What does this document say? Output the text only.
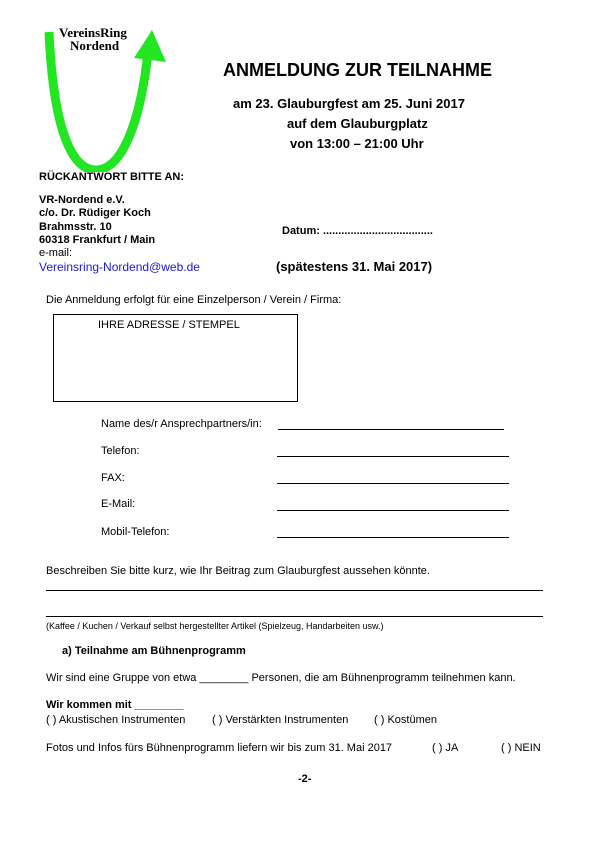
VereinsRing
Nordend
ANMELDUNG ZUR TEILNAHME
am 23. Glauburgfest am 25. Juni 2017
auf dem Glauburgplatz
von 13:00 – 21:00 Uhr
RÜCKANTWORT BITTE AN:
VR-Nordend e.V.
c/o. Dr. Rüdiger Koch
Brahmsstr. 10
60318 Frankfurt / Main
e-mail:
Vereinsring-Nordend@web.de
Datum: ....................................
(spätestens 31. Mai 2017)
Die Anmeldung erfolgt für eine Einzelperson / Verein / Firma:
IHRE ADRESSE / STEMPEL
Name des/r Ansprechpartners/in:
Telefon:
FAX:
E-Mail:
Mobil-Telefon:
Beschreiben Sie bitte kurz, wie Ihr Beitrag zum Glauburgfest aussehen könnte.
(Kaffee / Kuchen / Verkauf selbst hergestellter Artikel (Spielzeug, Handarbeiten usw.)
a) Teilnahme am Bühnenprogramm
Wir sind eine Gruppe von etwa ________ Personen, die am Bühnenprogramm teilnehmen kann.
Wir kommen mit ________
( ) Akustischen Instrumenten ( ) Verstärkten Instrumenten ( ) Kostümen
Fotos und Infos fürs Bühnenprogramm liefern wir bis zum 31. Mai 2017	( ) JA	( ) NEIN
-2-
